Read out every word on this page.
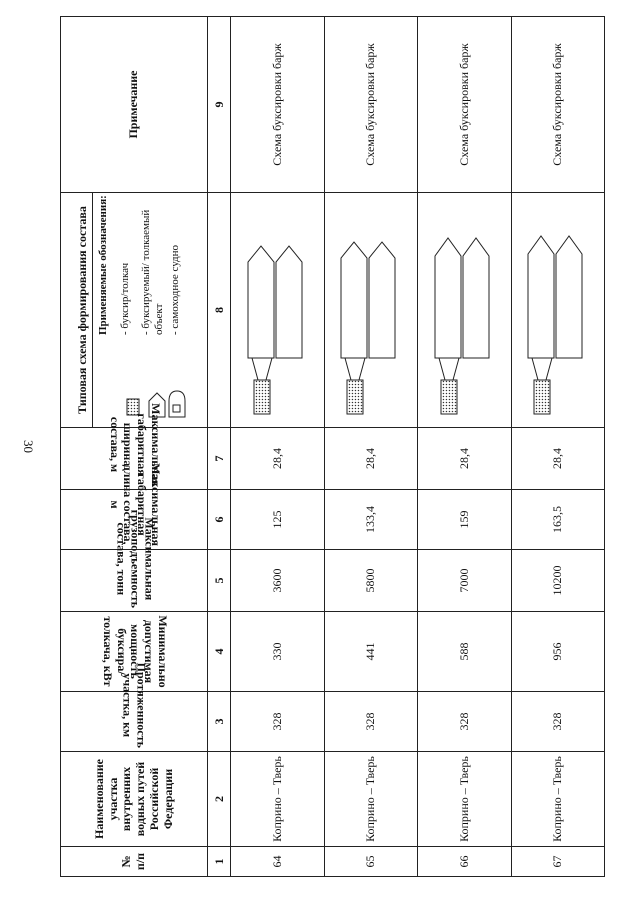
30
№ п/п	Наименование участка внутренних водных путей Российской Федерации	Протяженность участка, км	Минимально допустимая мощность буксира/толкача, кВт	Максимальная грузоподъемность состава, тонн	Максимальная габаритная длина состава, м	Максимальная габаритная ширина состава, м	Типовая схема формирования состава Применяемые обозначения: - буксир/толкач - буксируемый/ толкаемый объект - самоходное судно	Примечание
1	2	3	4	5	6	7	8	9
64	Коприно – Тверь	328	330	3600	125	28,4		Схема буксировки барж
65	Коприно – Тверь	328	441	5800	133,4	28,4		Схема буксировки барж
66	Коприно – Тверь	328	588	7000	159	28,4		Схема буксировки барж
67	Коприно – Тверь	328	956	10200	163,5	28,4		Схема буксировки барж
